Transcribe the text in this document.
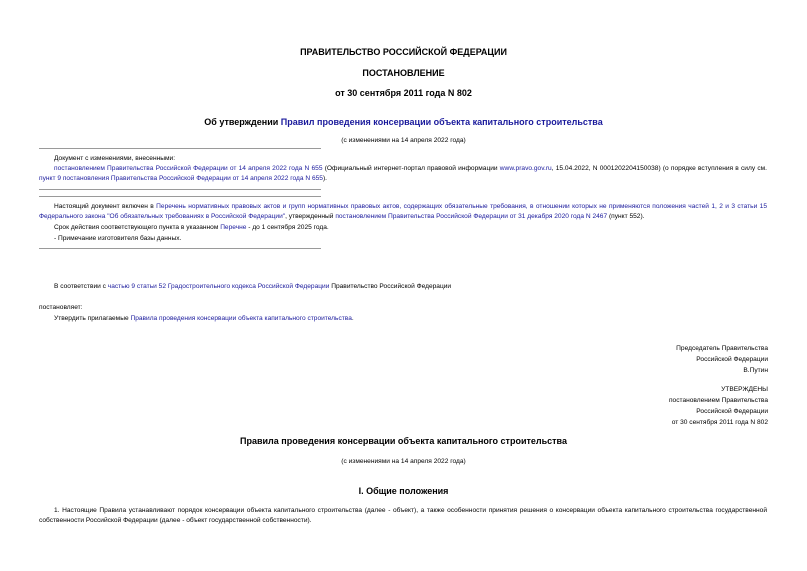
ПРАВИТЕЛЬСТВО РОССИЙСКОЙ ФЕДЕРАЦИИ
ПОСТАНОВЛЕНИЕ
от 30 сентября 2011 года N 802
Об утверждении Правил проведения консервации объекта капитального строительства
(с изменениями на 14 апреля 2022 года)
Документ с изменениями, внесенными:
постановлением Правительства Российской Федерации от 14 апреля 2022 года N 655 (Официальный интернет-портал правовой информации www.pravo.gov.ru, 15.04.2022, N 0001202204150038) (о порядке вступления в силу см. пункт 9 постановления Правительства Российской Федерации от 14 апреля 2022 года N 655).
Настоящий документ включен в Перечень нормативных правовых актов и групп нормативных правовых актов, содержащих обязательные требования, в отношении которых не применяются положения частей 1, 2 и 3 статьи 15 Федерального закона "Об обязательных требованиях в Российской Федерации", утвержденный постановлением Правительства Российской Федерации от 31 декабря 2020 года N 2467 (пункт 552).
Срок действия соответствующего пункта в указанном Перечне - до 1 сентября 2025 года.
- Примечание изготовителя базы данных.
В соответствии с частью 9 статьи 52 Градостроительного кодекса Российской Федерации Правительство Российской Федерации
постановляет:
Утвердить прилагаемые Правила проведения консервации объекта капитального строительства.
Председатель Правительства
Российской Федерации
В.Путин
УТВЕРЖДЕНЫ
постановлением Правительства
Российской Федерации
от 30 сентября 2011 года N 802
Правила проведения консервации объекта капитального строительства
(с изменениями на 14 апреля 2022 года)
I. Общие положения
1. Настоящие Правила устанавливают порядок консервации объекта капитального строительства (далее - объект), а также особенности принятия решения о консервации объекта капитального строительства государственной собственности Российской Федерации (далее - объект государственной собственности).
